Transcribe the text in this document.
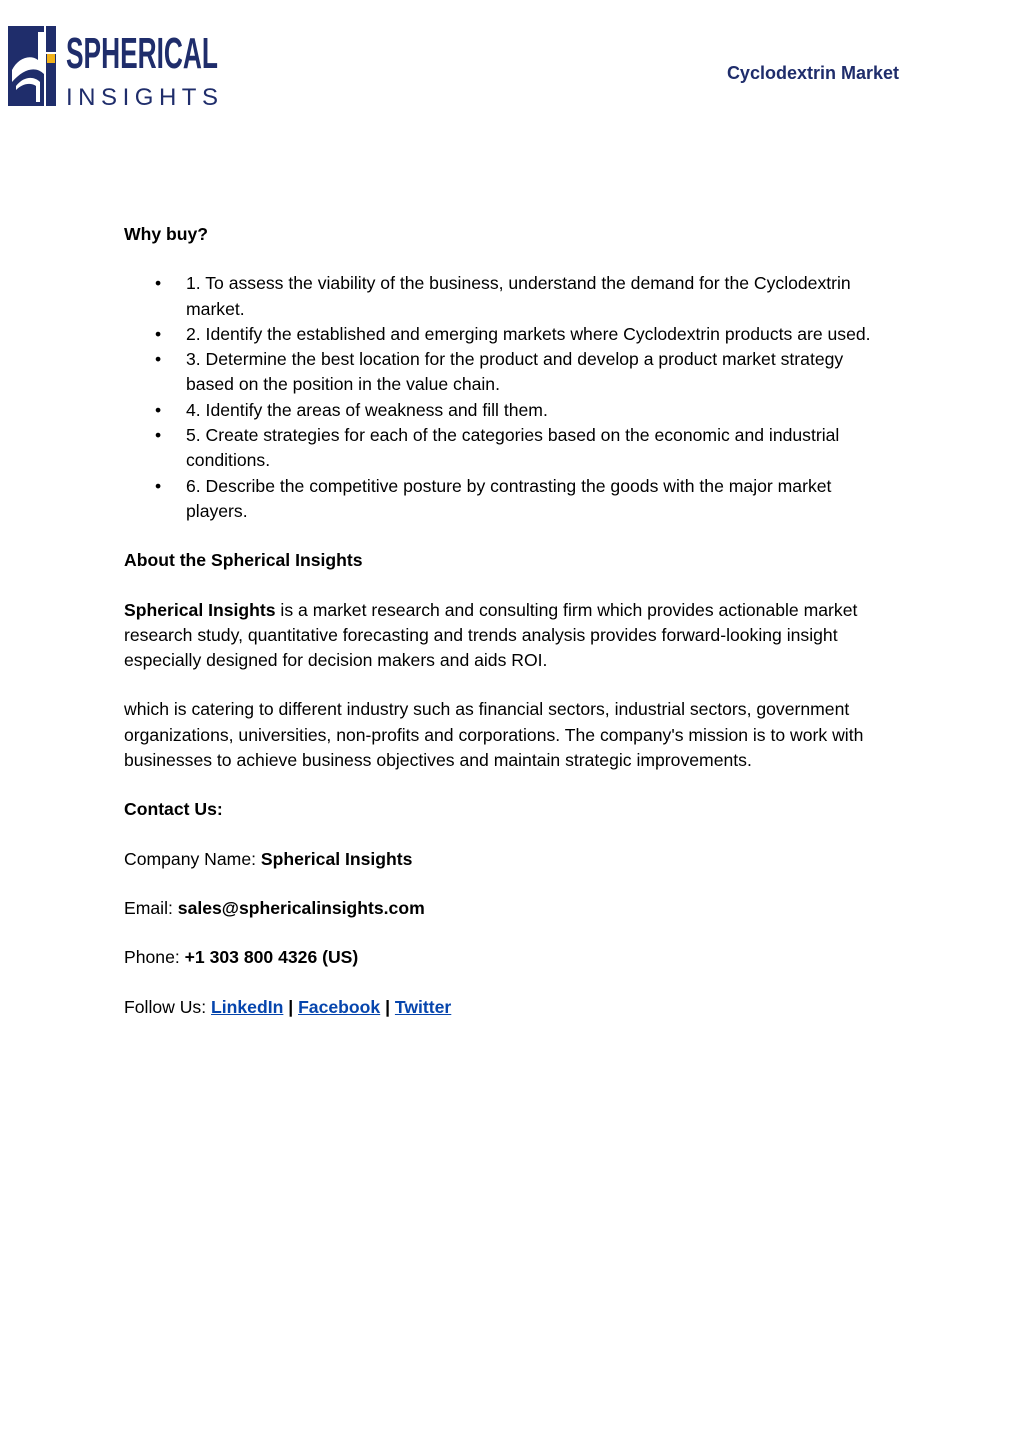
SPHERICAL
INSIGHTS
Cyclodextrin Market

Why buy?

• 1. To assess the viability of the business, understand the demand for the Cyclodextrin market.
• 2. Identify the established and emerging markets where Cyclodextrin products are used.
• 3. Determine the best location for the product and develop a product market strategy based on the position in the value chain.
• 4. Identify the areas of weakness and fill them.
• 5. Create strategies for each of the categories based on the economic and industrial conditions.
• 6. Describe the competitive posture by contrasting the goods with the major market players.

About the Spherical Insights

Spherical Insights is a market research and consulting firm which provides actionable market research study, quantitative forecasting and trends analysis provides forward-looking insight especially designed for decision makers and aids ROI.

which is catering to different industry such as financial sectors, industrial sectors, government organizations, universities, non-profits and corporations. The company's mission is to work with businesses to achieve business objectives and maintain strategic improvements.

Contact Us:

Company Name: Spherical Insights

Email: sales@sphericalinsights.com

Phone: +1 303 800 4326 (US)

Follow Us: LinkedIn | Facebook | Twitter
